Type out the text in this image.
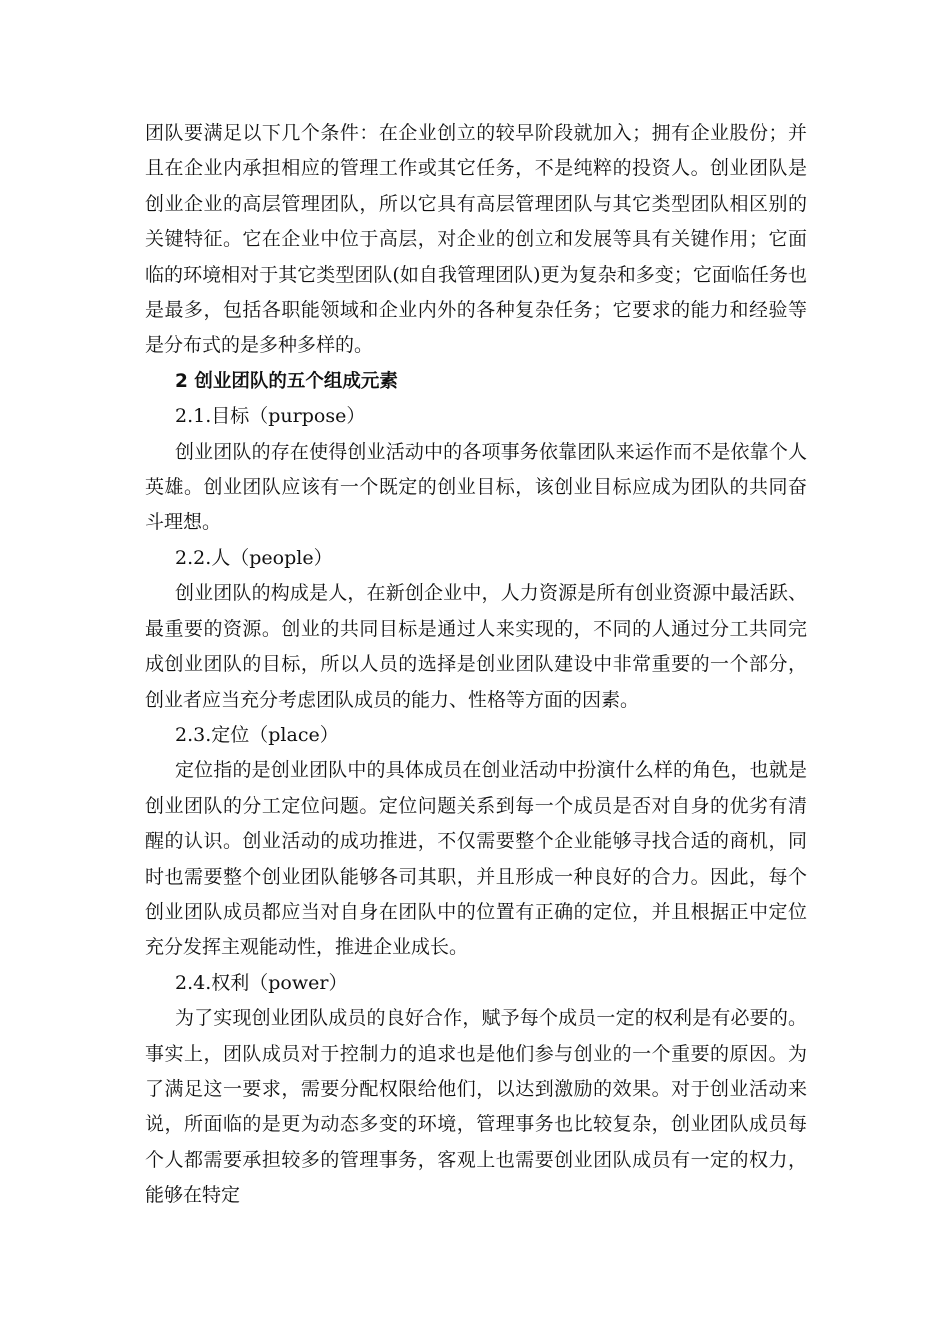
团队要满足以下几个条件：在企业创立的较早阶段就加入；拥有企业股份；并且在企业内承担相应的管理工作或其它任务，不是纯粹的投资人。创业团队是创业企业的高层管理团队，所以它具有高层管理团队与其它类型团队相区别的关键特征。它在企业中位于高层，对企业的创立和发展等具有关键作用；它面临的环境相对于其它类型团队(如自我管理团队)更为复杂和多变；它面临任务也是最多，包括各职能领域和企业内外的各种复杂任务；它要求的能力和经验等是分布式的是多种多样的。

2 创业团队的五个组成元素

2.1.目标（purpose）

创业团队的存在使得创业活动中的各项事务依靠团队来运作而不是依靠个人英雄。创业团队应该有一个既定的创业目标，该创业目标应成为团队的共同奋斗理想。

2.2.人（people）

创业团队的构成是人，在新创企业中，人力资源是所有创业资源中最活跃、最重要的资源。创业的共同目标是通过人来实现的，不同的人通过分工共同完成创业团队的目标，所以人员的选择是创业团队建设中非常重要的一个部分，创业者应当充分考虑团队成员的能力、性格等方面的因素。

2.3.定位（place）

定位指的是创业团队中的具体成员在创业活动中扮演什么样的角色，也就是创业团队的分工定位问题。定位问题关系到每一个成员是否对自身的优劣有清醒的认识。创业活动的成功推进，不仅需要整个企业能够寻找合适的商机，同时也需要整个创业团队能够各司其职，并且形成一种良好的合力。因此，每个创业团队成员都应当对自身在团队中的位置有正确的定位，并且根据正中定位充分发挥主观能动性，推进企业成长。

2.4.权利（power）

为了实现创业团队成员的良好合作，赋予每个成员一定的权利是有必要的。事实上，团队成员对于控制力的追求也是他们参与创业的一个重要的原因。为了满足这一要求，需要分配权限给他们，以达到激励的效果。对于创业活动来说，所面临的是更为动态多变的环境，管理事务也比较复杂，创业团队成员每个人都需要承担较多的管理事务，客观上也需要创业团队成员有一定的权力，能够在特定
